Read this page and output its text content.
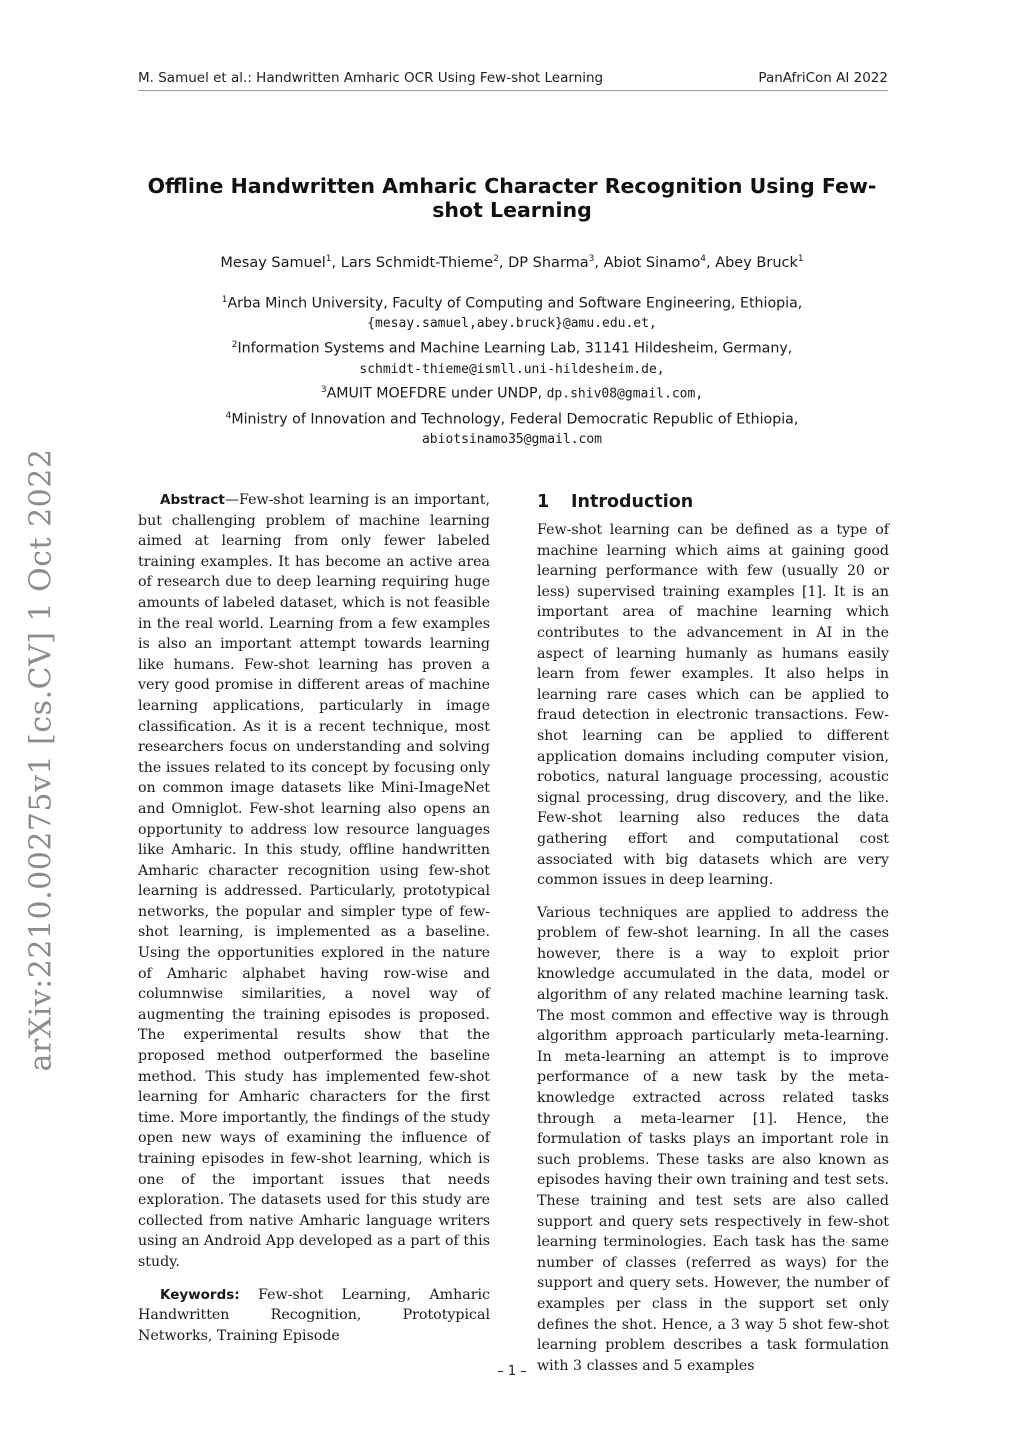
M. Samuel et al.: Handwritten Amharic OCR Using Few-shot Learning	PanAfriCon AI 2022
arXiv:2210.00275v1 [cs.CV] 1 Oct 2022
Offline Handwritten Amharic Character Recognition Using Few-shot Learning
Mesay Samuel$^1$, Lars Schmidt-Thieme$^2$, DP Sharma$^3$, Abiot Sinamo$^4$, Abey Bruck$^1$
$^1$Arba Minch University, Faculty of Computing and Software Engineering, Ethiopia,
{mesay.samuel,abey.bruck}@amu.edu.et,
$^2$Information Systems and Machine Learning Lab, 31141 Hildesheim, Germany,
schmidt-thieme@ismll.uni-hildesheim.de,
$^3$AMUIT MOEFDRE under UNDP, dp.shiv08@gmail.com,
$^4$Ministry of Innovation and Technology, Federal Democratic Republic of Ethiopia,
abiotsinamo35@gmail.com

Abstract—Few-shot learning is an important, but challenging problem of machine learning aimed at learning from only fewer labeled training examples. It has become an active area of research due to deep learning requiring huge amounts of labeled dataset, which is not feasible in the real world. Learning from a few examples is also an important attempt towards learning like humans. Few-shot learning has proven a very good promise in different areas of machine learning applications, particularly in image classification. As it is a recent technique, most researchers focus on understanding and solving the issues related to its concept by focusing only on common image datasets like Mini-ImageNet and Omniglot. Few-shot learning also opens an opportunity to address low resource languages like Amharic. In this study, offline handwritten Amharic character recognition using few-shot learning is addressed. Particularly, prototypical networks, the popular and simpler type of few-shot learning, is implemented as a baseline. Using the opportunities explored in the nature of Amharic alphabet having row-wise and columnwise similarities, a novel way of augmenting the training episodes is proposed. The experimental results show that the proposed method outperformed the baseline method. This study has implemented few-shot learning for Amharic characters for the first time. More importantly, the findings of the study open new ways of examining the influence of training episodes in few-shot learning, which is one of the important issues that needs exploration. The datasets used for this study are collected from native Amharic language writers using an Android App developed as a part of this study.

Keywords: Few-shot Learning, Amharic Handwritten Recognition, Prototypical Networks, Training Episode

1 Introduction

Few-shot learning can be defined as a type of machine learning which aims at gaining good learning performance with few (usually 20 or less) supervised training examples [1]. It is an important area of machine learning which contributes to the advancement in AI in the aspect of learning humanly as humans easily learn from fewer examples. It also helps in learning rare cases which can be applied to fraud detection in electronic transactions. Few-shot learning can be applied to different application domains including computer vision, robotics, natural language processing, acoustic signal processing, drug discovery, and the like. Few-shot learning also reduces the data gathering effort and computational cost associated with big datasets which are very common issues in deep learning.

Various techniques are applied to address the problem of few-shot learning. In all the cases however, there is a way to exploit prior knowledge accumulated in the data, model or algorithm of any related machine learning task. The most common and effective way is through algorithm approach particularly meta-learning. In meta-learning an attempt is to improve performance of a new task by the meta-knowledge extracted across related tasks through a meta-learner [1]. Hence, the formulation of tasks plays an important role in such problems. These tasks are also known as episodes having their own training and test sets. These training and test sets are also called support and query sets respectively in few-shot learning terminologies. Each task has the same number of classes (referred as ways) for the support and query sets. However, the number of examples per class in the support set only defines the shot. Hence, a 3 way 5 shot few-shot learning problem describes a task formulation with 3 classes and 5 examples

– 1 –
